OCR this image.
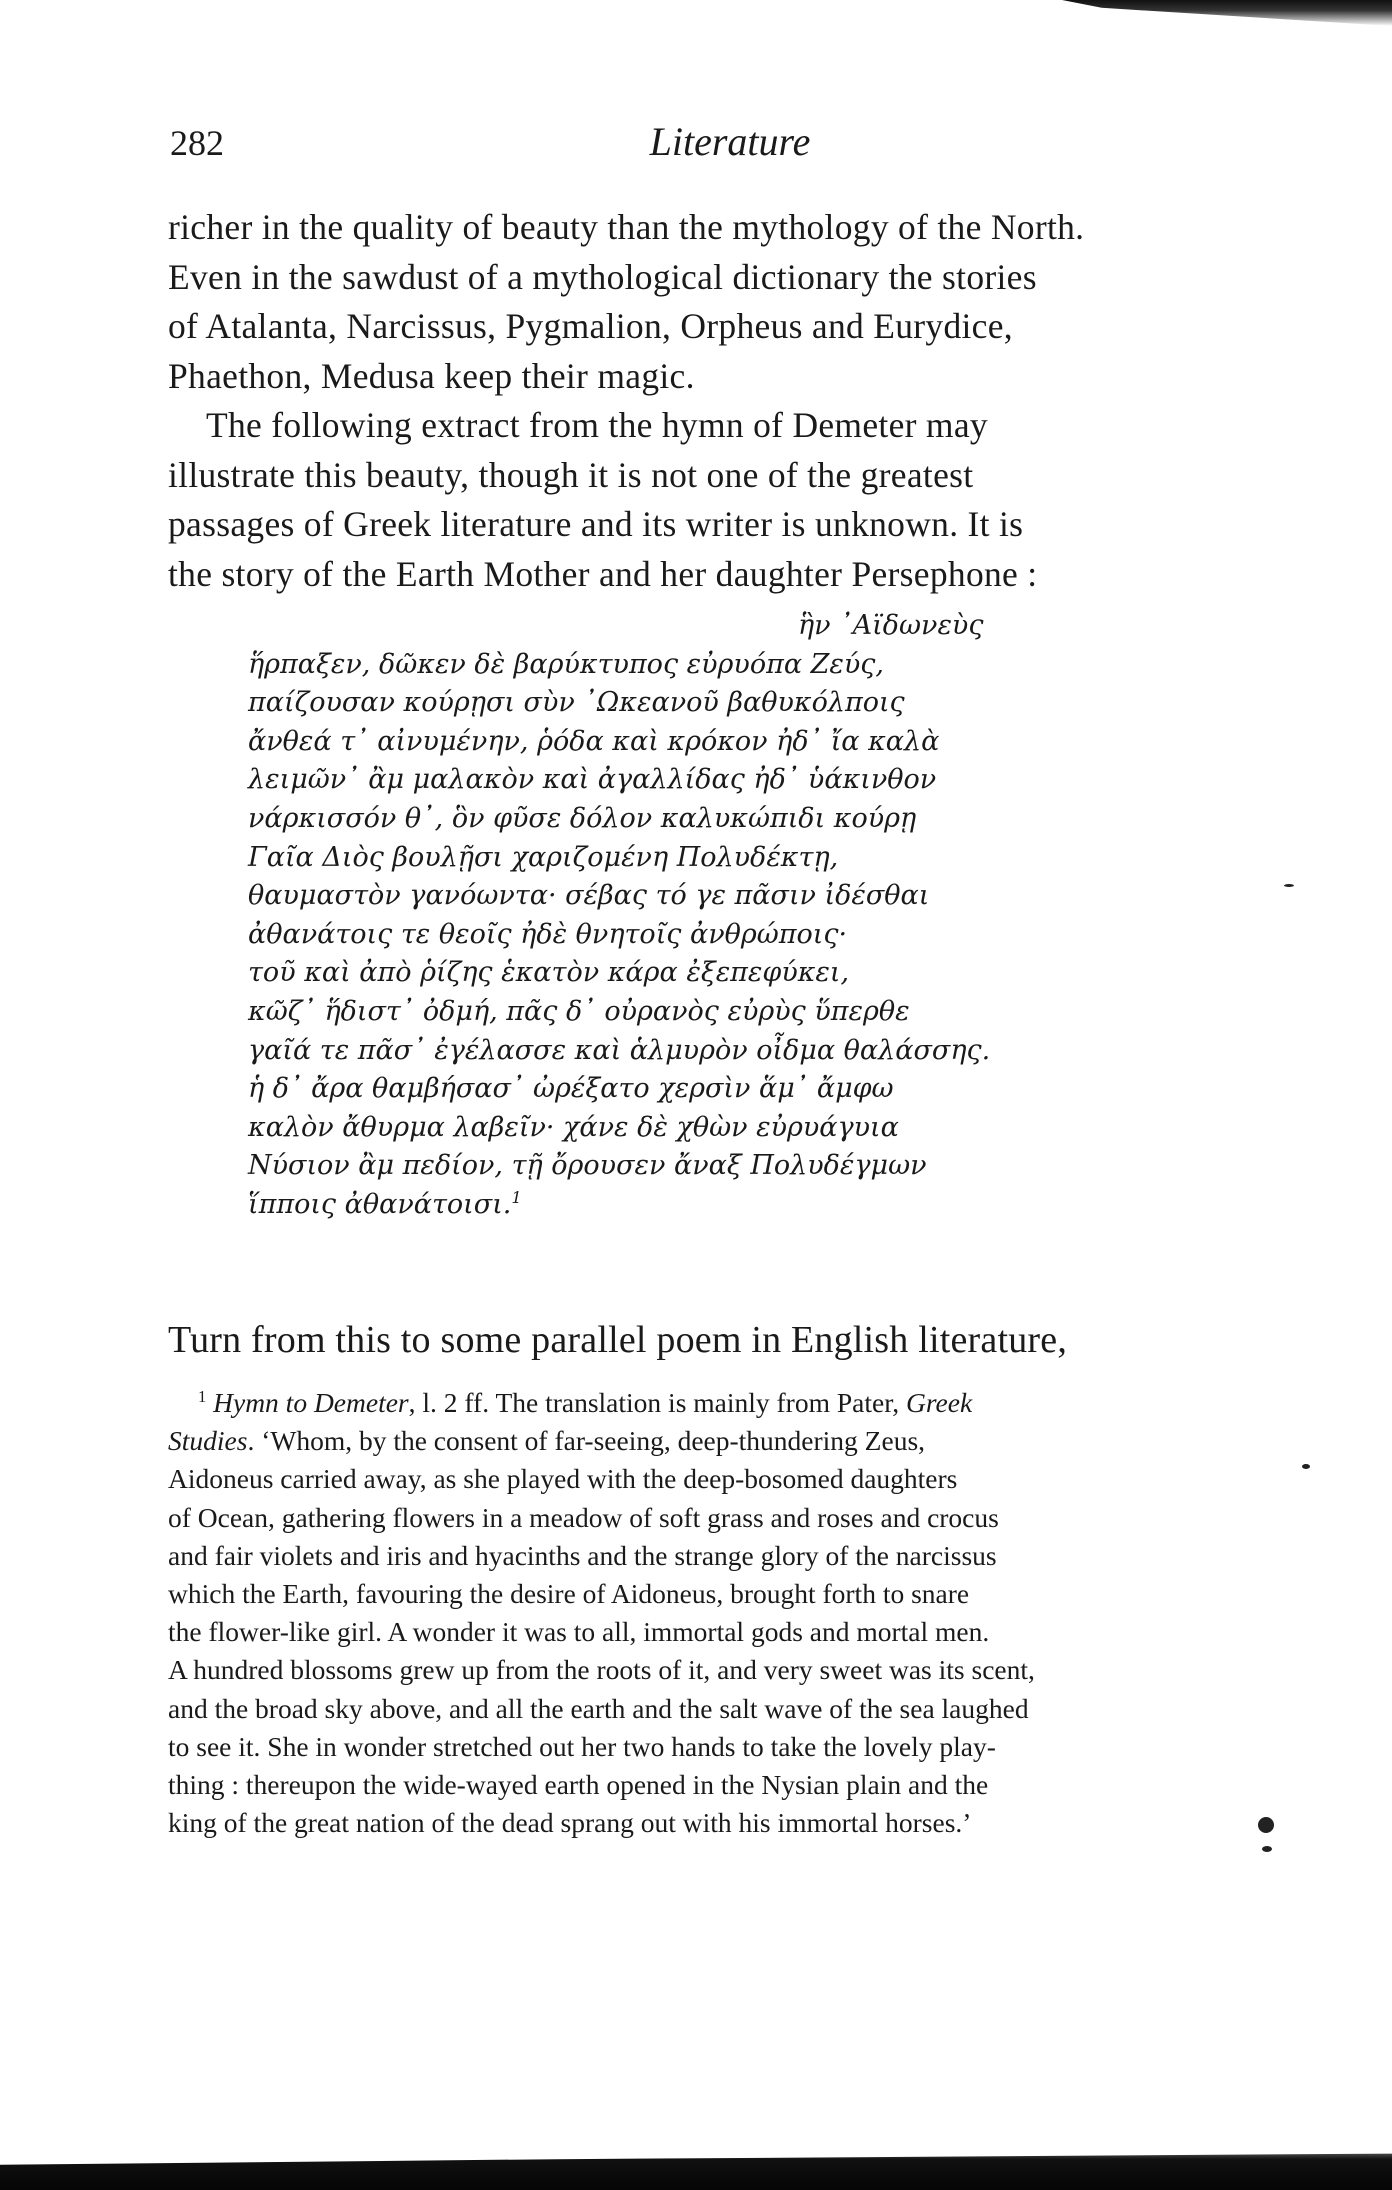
282	Literature
richer in the quality of beauty than the mythology of the North.
Even in the sawdust of a mythological dictionary the stories
of Atalanta, Narcissus, Pygmalion, Orpheus and Eurydice,
Phaethon, Medusa keep their magic.
The following extract from the hymn of Demeter may
illustrate this beauty, though it is not one of the greatest
passages of Greek literature and its writer is unknown. It is
the story of the Earth Mother and her daughter Persephone :
ἣν ᾿Αϊδωνεὺς
ἥρπαξεν, δῶκεν δὲ βαρύκτυπος εὐρυόπα Ζεύς,
παίζουσαν κούρῃσι σὺν ᾿Ωκεανοῦ βαθυκόλποις
ἄνθεά τ᾿ αἰνυμένην, ῥόδα καὶ κρόκον ἠδ᾿ ἴα καλὰ
λειμῶν᾿ ἂμ μαλακὸν καὶ ἀγαλλίδας ἠδ᾿ ὑάκινθον
νάρκισσόν θ᾿, ὃν φῦσε δόλον καλυκώπιδι κούρῃ
Γαῖα Διὸς βουλῇσι χαριζομένη Πολυδέκτῃ,
θαυμαστὸν γανόωντα· σέβας τό γε πᾶσιν ἰδέσθαι
ἀθανάτοις τε θεοῖς ἠδὲ θνητοῖς ἀνθρώποις·
τοῦ καὶ ἀπὸ ῥίζης ἑκατὸν κάρα ἐξεπεφύκει,
κῶζ᾿ ἥδιστ᾿ ὀδμή, πᾶς δ᾿ οὐρανὸς εὐρὺς ὕπερθε
γαῖά τε πᾶσ᾿ ἐγέλασσε καὶ ἁλμυρὸν οἶδμα θαλάσσης.
ἡ δ᾿ ἄρα θαμβήσασ᾿ ὠρέξατο χερσὶν ἅμ᾿ ἄμφω
καλὸν ἄθυρμα λαβεῖν· χάνε δὲ χθὼν εὐρυάγυια
Νύσιον ἂμ πεδίον, τῇ ὄρουσεν ἄναξ Πολυδέγμων
ἵπποις ἀθανάτοισι.$^1$
Turn from this to some parallel poem in English literature,
$^1$ Hymn to Demeter, l. 2 ff. The translation is mainly from Pater, Greek
Studies. ‘Whom, by the consent of far-seeing, deep-thundering Zeus,
Aidoneus carried away, as she played with the deep-bosomed daughters
of Ocean, gathering flowers in a meadow of soft grass and roses and crocus
and fair violets and iris and hyacinths and the strange glory of the narcissus
which the Earth, favouring the desire of Aidoneus, brought forth to snare
the flower-like girl. A wonder it was to all, immortal gods and mortal men.
A hundred blossoms grew up from the roots of it, and very sweet was its scent,
and the broad sky above, and all the earth and the salt wave of the sea laughed
to see it. She in wonder stretched out her two hands to take the lovely play-
thing : thereupon the wide-wayed earth opened in the Nysian plain and the
king of the great nation of the dead sprang out with his immortal horses.’
